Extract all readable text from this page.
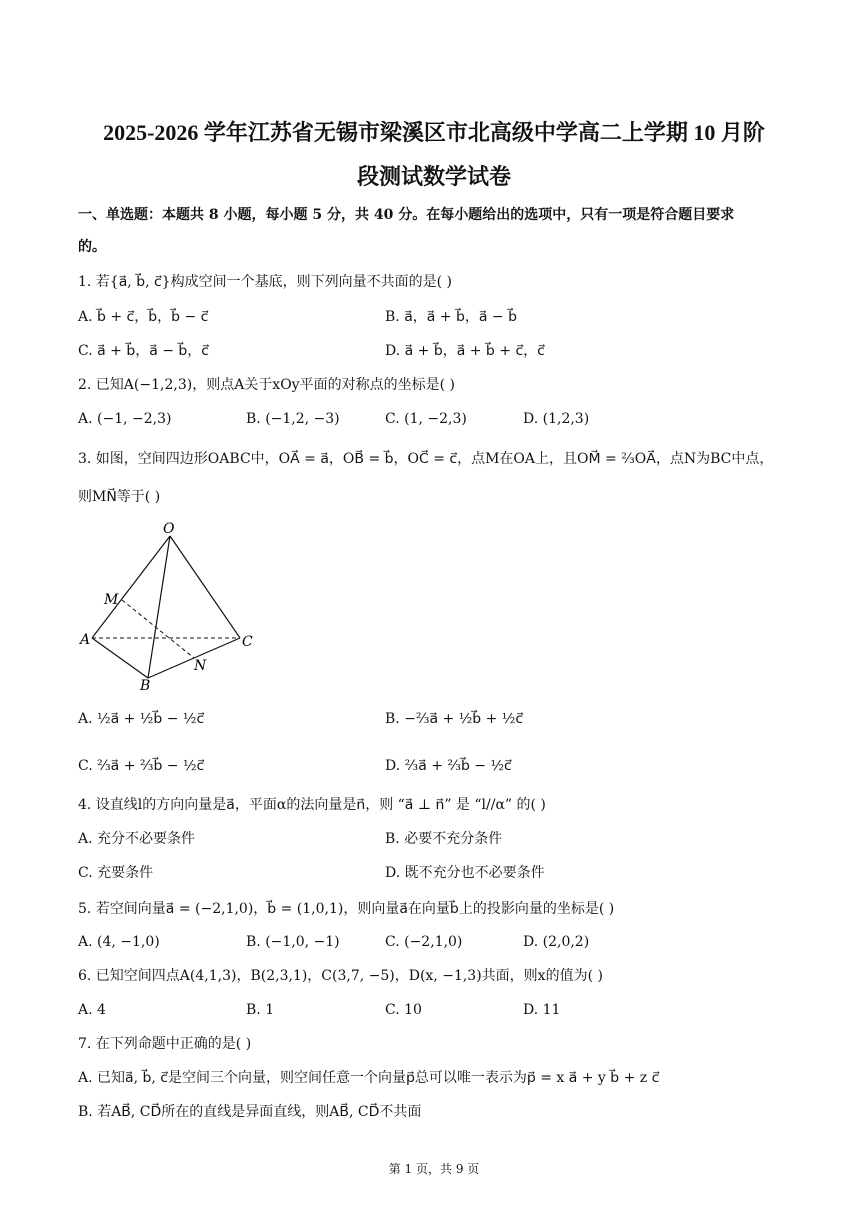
2025-2026 学年江苏省无锡市梁溪区市北高级中学高二上学期 10 月阶
段测试数学试卷
一、单选题：本题共 8 小题，每小题 5 分，共 40 分。在每小题给出的选项中，只有一项是符合题目要求
的。
1. 若{a⃗, b⃗, c⃗}构成空间一个基底，则下列向量不共面的是( )
A. b⃗ + c⃗，b⃗，b⃗ − c⃗	B. a⃗，a⃗ + b⃗，a⃗ − b⃗
C. a⃗ + b⃗，a⃗ − b⃗，c⃗	D. a⃗ + b⃗，a⃗ + b⃗ + c⃗，c⃗
2. 已知A(−1,2,3)，则点A关于xOy平面的对称点的坐标是( )
A. (−1, −2,3)	B. (−1,2, −3)	C. (1, −2,3)	D. (1,2,3)
3. 如图，空间四边形OABC中，OA⃗ = a⃗，OB⃗ = b⃗，OC⃗ = c⃗，点M在OA上，且OM⃗ = ²⁄₃OA⃗，点N为BC中点，
则MN⃗等于( )
O
M
A
B
C
N
A. ½a⃗ + ½b⃗ − ½c⃗	B. −⅔a⃗ + ½b⃗ + ½c⃗
C. ⅔a⃗ + ⅔b⃗ − ½c⃗	D. ⅔a⃗ + ⅔b⃗ − ½c⃗
4. 设直线l的方向向量是a⃗，平面α的法向量是n⃗，则 “a⃗ ⊥ n⃗” 是 “l//α” 的( )
A. 充分不必要条件	B. 必要不充分条件
C. 充要条件	D. 既不充分也不必要条件
5. 若空间向量a⃗ = (−2,1,0)，b⃗ = (1,0,1)，则向量a⃗在向量b⃗上的投影向量的坐标是( )
A. (4, −1,0)	B. (−1,0, −1)	C. (−2,1,0)	D. (2,0,2)
6. 已知空间四点A(4,1,3)，B(2,3,1)，C(3,7, −5)，D(x, −1,3)共面，则x的值为( )
A. 4	B. 1	C. 10	D. 11
7. 在下列命题中正确的是( )
A. 已知a⃗, b⃗, c⃗是空间三个向量，则空间任意一个向量p⃗总可以唯一表示为p⃗ = x a⃗ + y b⃗ + z c⃗
B. 若AB⃗, CD⃗所在的直线是异面直线，则AB⃗, CD⃗不共面
第 1 页，共 9 页
